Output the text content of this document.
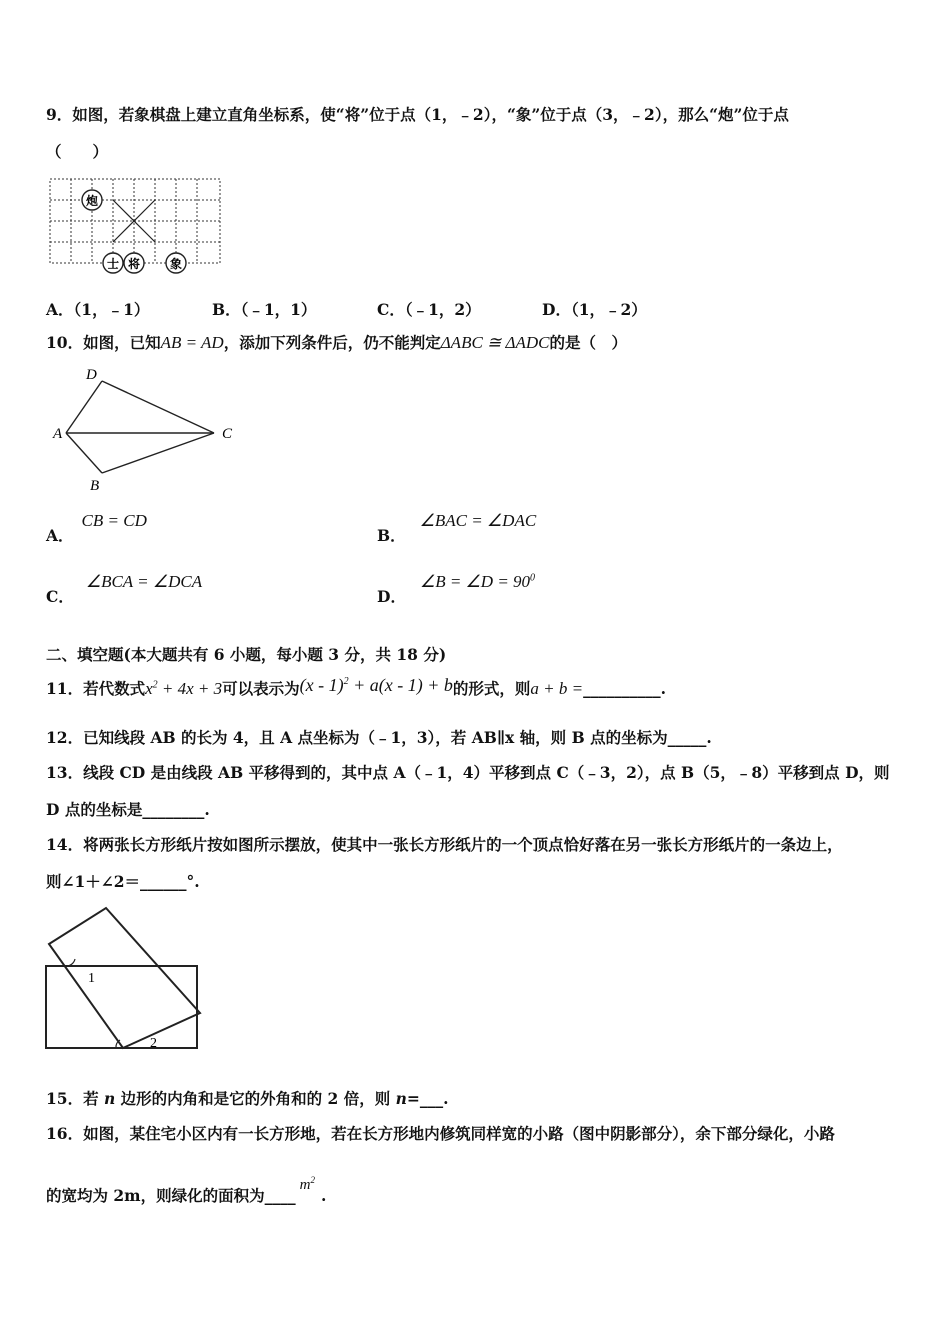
9．如图，若象棋盘上建立直角坐标系，使“将”位于点（1，﹣2），“象”位于点（3，﹣2），那么“炮”位于点
（　　）
炮
士 将 象
A．（1，﹣1）	B．（﹣1，1）	C．（﹣1，2）	D．（1，﹣2）
10．如图，已知AB = AD，添加下列条件后，仍不能判定ΔABC ≅ ΔADC的是（　）
D
A	C
B
A．CB = CD
B．∠BAC = ∠DAC
C．∠BCA = ∠DCA
D．∠B = ∠D = $90^0$
二、填空题(本大题共有 6 小题，每小题 3 分，共 18 分)
11．若代数式$x^2 + 4x + 3$可以表示为(x - 1)$^2$ + a(x - 1) + b的形式，则a + b =__________.
12．已知线段 AB 的长为 4，且 A 点坐标为（﹣1，3），若 AB∥x 轴，则 B 点的坐标为_____.
13．线段 CD 是由线段 AB 平移得到的，其中点 A（﹣1，4）平移到点 C（﹣3，2），点 B（5，﹣8）平移到点 D，则
D 点的坐标是________.
14．将两张长方形纸片按如图所示摆放，使其中一张长方形纸片的一个顶点恰好落在另一张长方形纸片的一条边上，
则∠1＋∠2＝______°.
1
2
15．若 n 边形的内角和是它的外角和的 2 倍，则 n=___.
16．如图，某住宅小区内有一长方形地，若在长方形地内修筑同样宽的小路（图中阴影部分），余下部分绿化，小路
的宽均为 2m，则绿化的面积为$\_\_\_\_m^2$.
